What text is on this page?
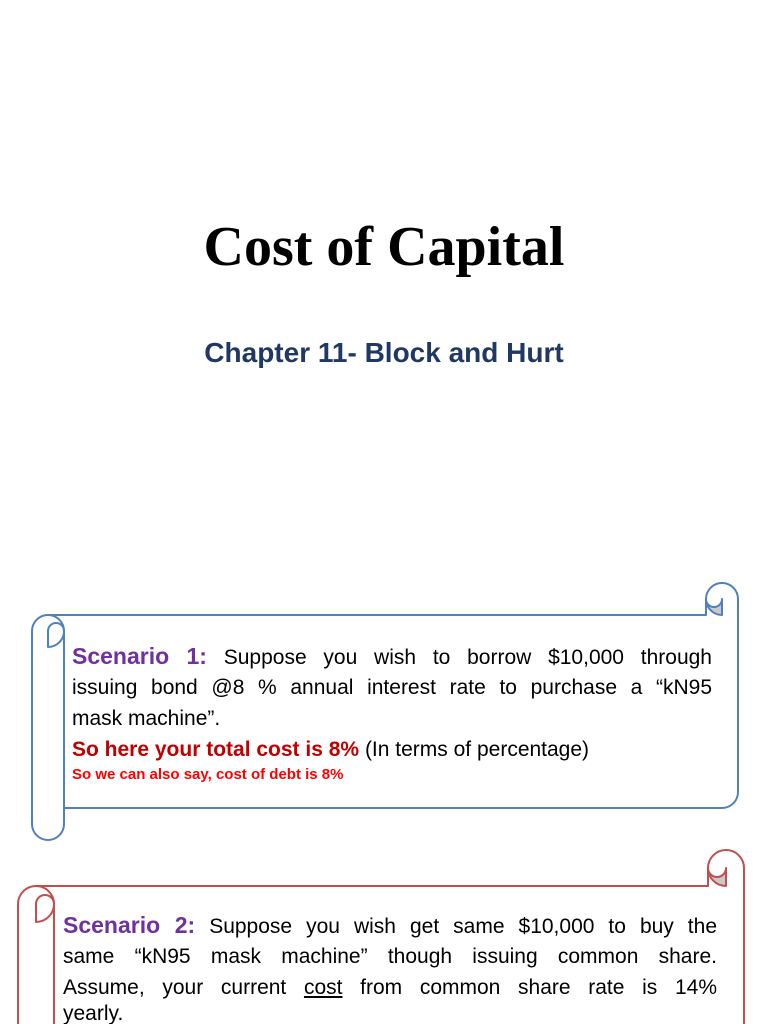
Cost of Capital
Chapter 11- Block and Hurt
Scenario 1: Suppose you wish to borrow $10,000 through
issuing bond @8 % annual interest rate to purchase a “kN95
mask machine”.
So here your total cost is 8% (In terms of percentage)
So we can also say, cost of debt is 8%
Scenario 2: Suppose you wish get same $10,000 to buy the
same “kN95 mask machine” though issuing common share.
Assume, your current cost from common share rate is 14%
yearly.
